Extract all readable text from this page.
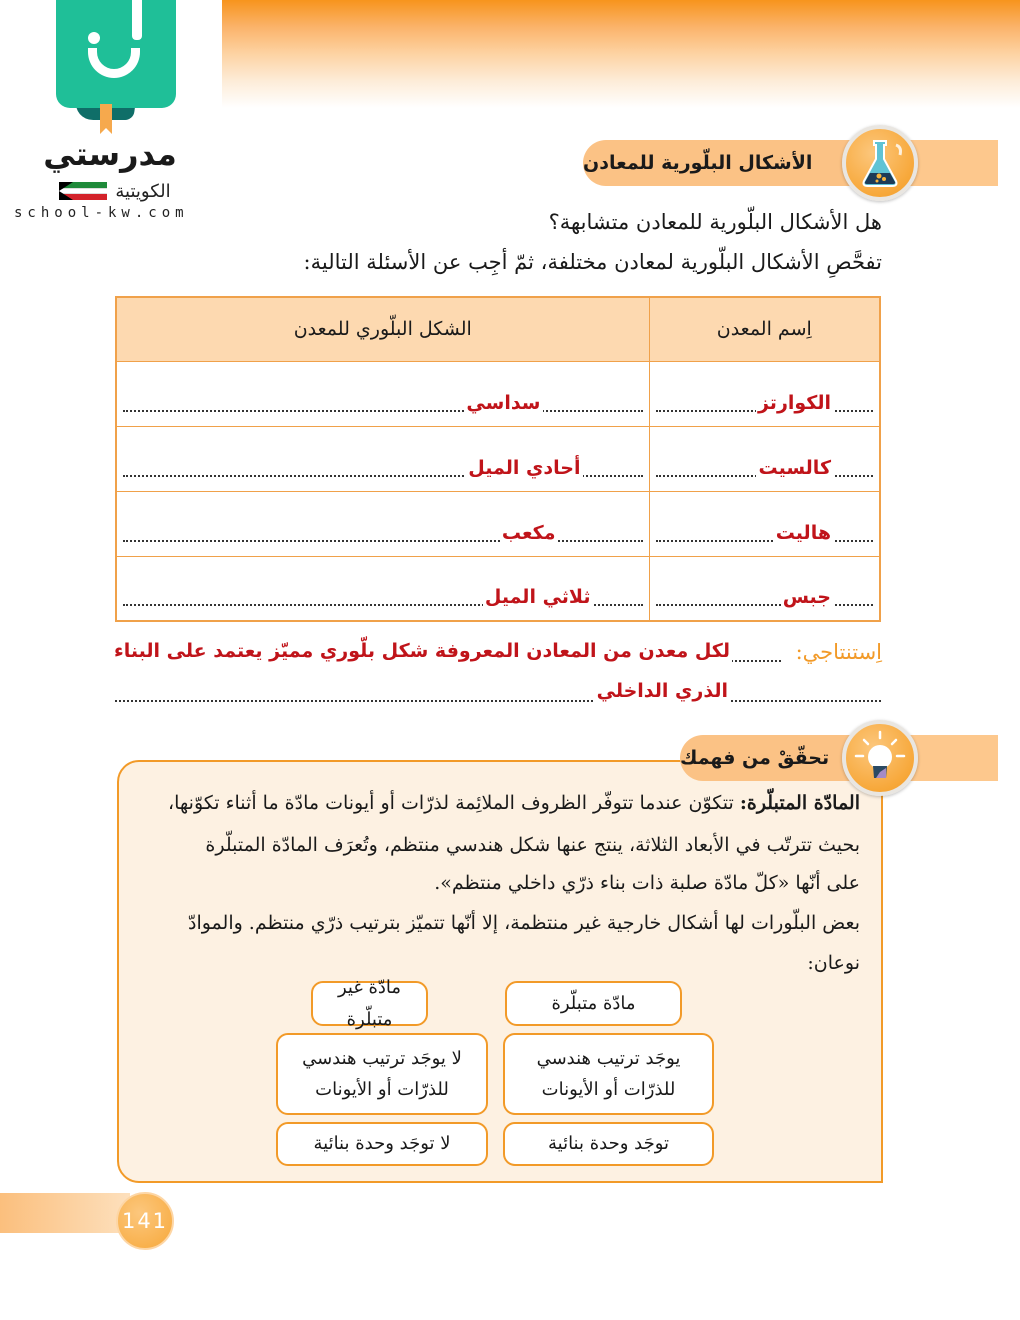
مدرستي
الكويتية
school-kw.com
الأشكال البلّورية للمعادن
هل الأشكال البلّورية للمعادن متشابهة؟
تفحَّصِ الأشكال البلّورية لمعادن مختلفة، ثمّ أجِب عن الأسئلة التالية:
اِسم المعدن	الشكل البلّوري للمعدن

الكوارتز	سداسي

كالسيت	أحادي الميل

هاليت	مكعب

جبس	ثلاثي الميل
اِستنتاجي:
لكل معدن من المعادن المعروفة شكل بلّوري مميّز يعتمد على البناء
الذري الداخلي
تحقّقْ من فهمك
المادّة المتبلّرة: تتكوّن عندما تتوفّر الظروف الملائِمة لذرّات أو أيونات مادّة ما أثناء تكوّنها،
بحيث تترتّب في الأبعاد الثلاثة، ينتج عنها شكل هندسي منتظم، وتُعرَف المادّة المتبلّرة
على أنّها «كلّ مادّة صلبة ذات بناء ذرّي داخلي منتظم».
بعض البلّورات لها أشكال خارجية غير منتظمة، إلا أنّها تتميّز بترتيب ذرّي منتظم. والموادّ
نوعان:
مادّة متبلّرة
مادّة غير متبلّرة
يوجَد ترتيب هندسي
للذرّات أو الأيونات
لا يوجَد ترتيب هندسي
للذرّات أو الأيونات
توجَد وحدة بنائية
لا توجَد وحدة بنائية
141
